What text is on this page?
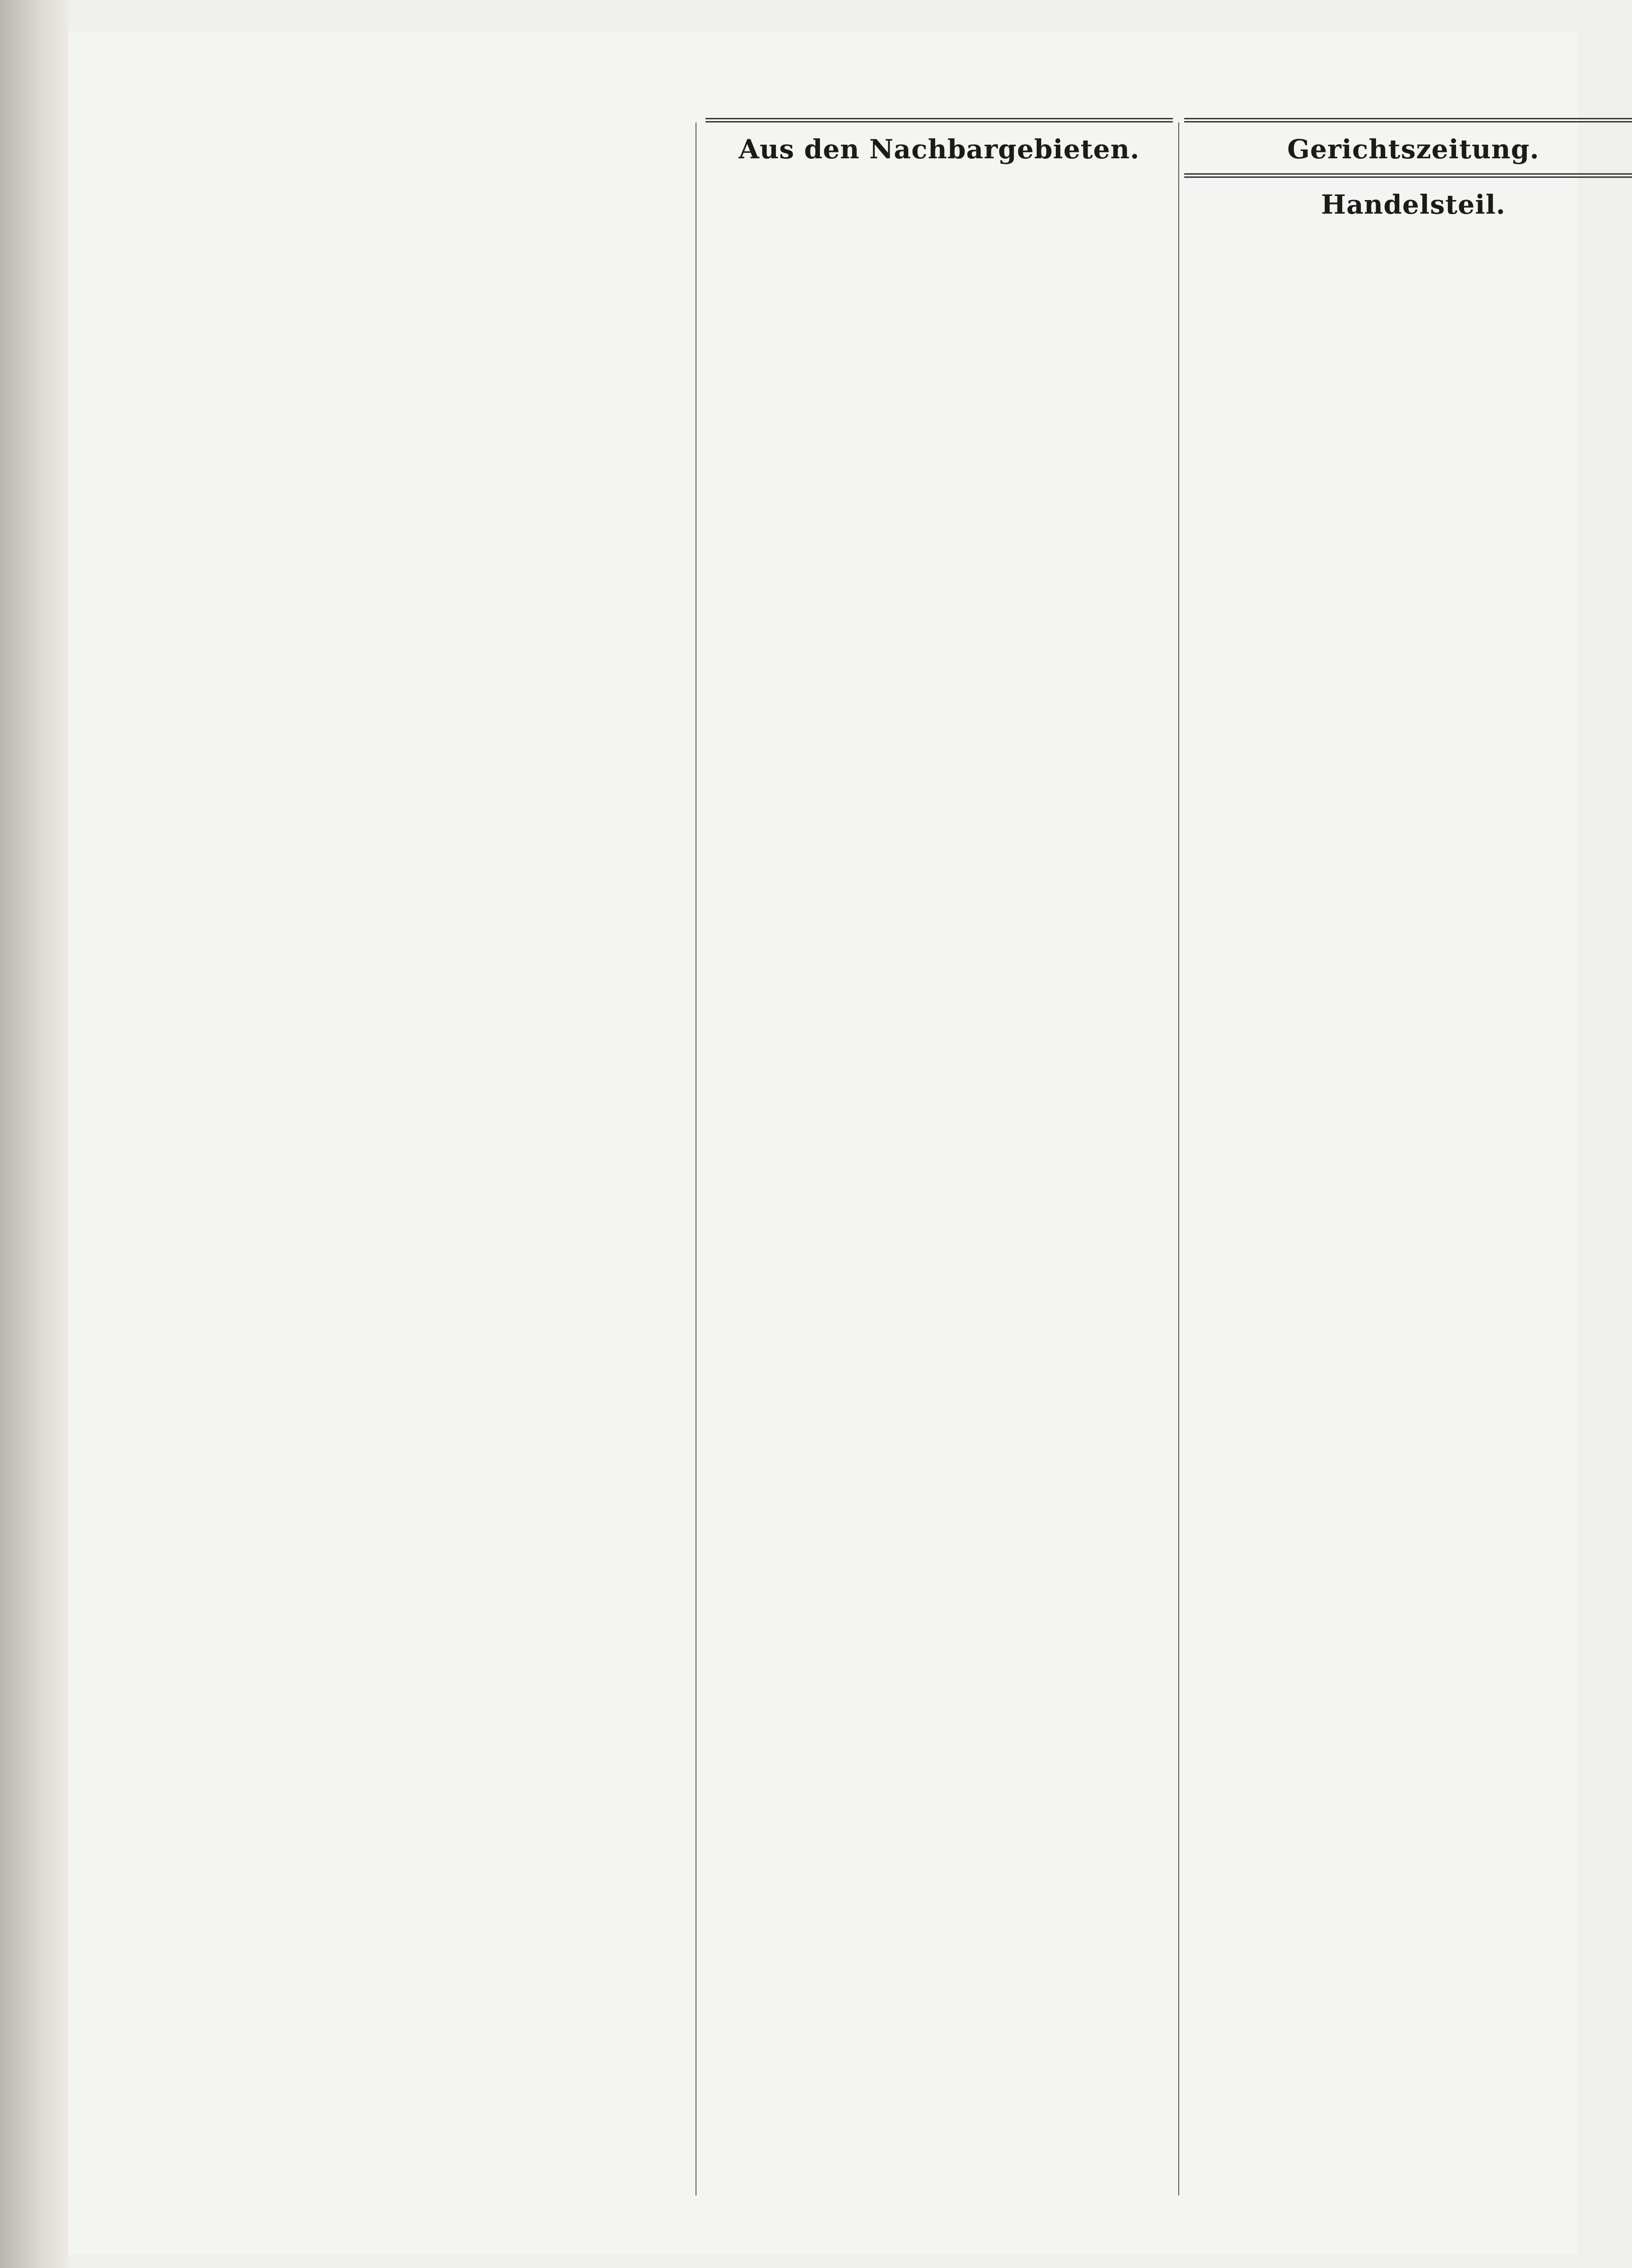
Aus den Nachbargebieten.	Gerichtszeitung.
Handelsteil.
